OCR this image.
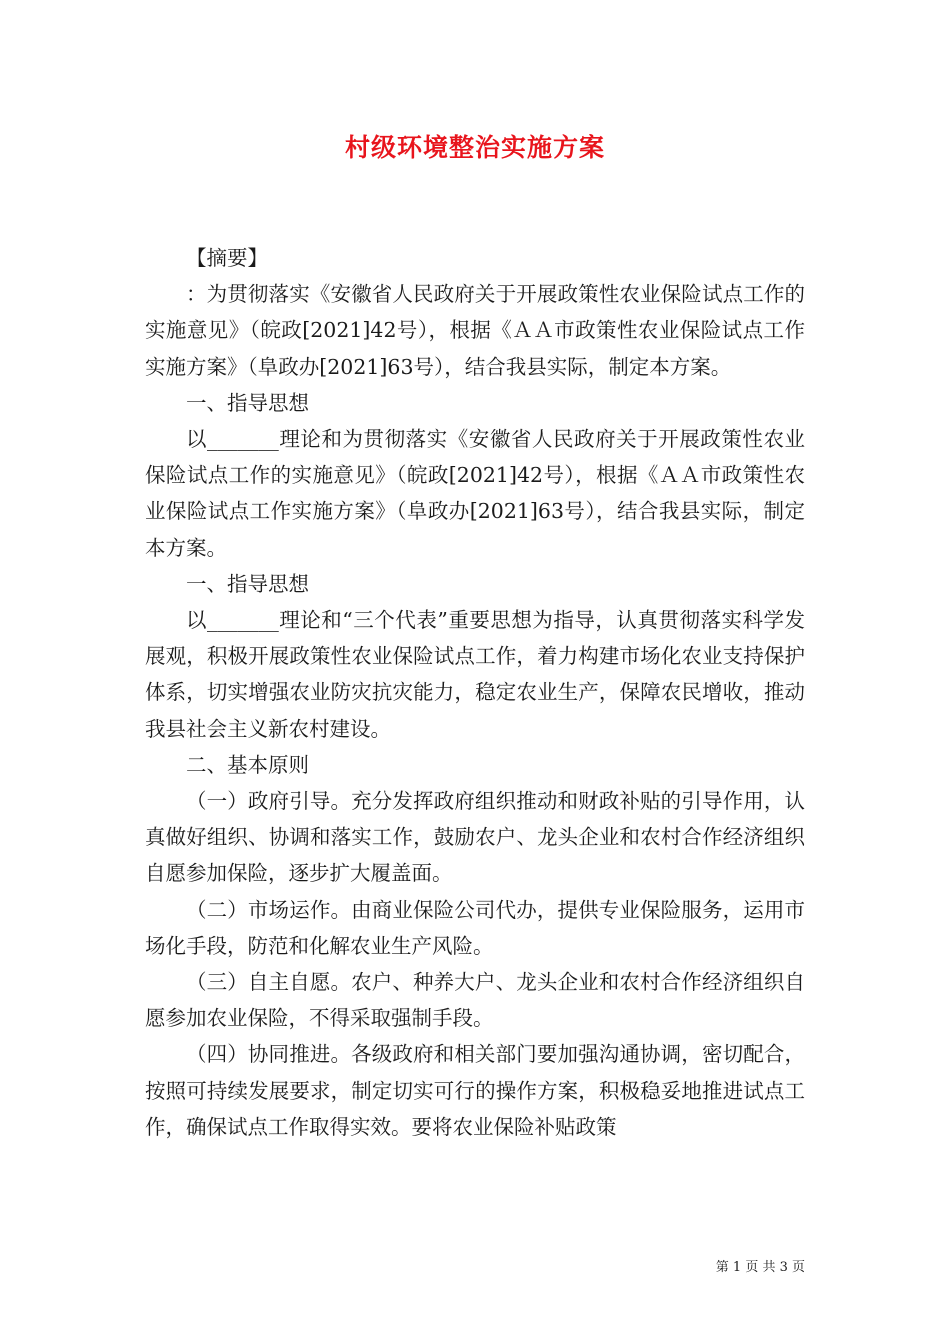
村级环境整治实施方案

【摘要】

：为贯彻落实《安徽省人民政府关于开展政策性农业保险试点工作的实施意见》（皖政[2021]42号），根据《ＡＡ市政策性农业保险试点工作实施方案》（阜政办[2021]63号），结合我县实际，制定本方案。

一、指导思想

以_______理论和为贯彻落实《安徽省人民政府关于开展政策性农业保险试点工作的实施意见》（皖政[2021]42号），根据《ＡＡ市政策性农业保险试点工作实施方案》（阜政办[2021]63号），结合我县实际，制定本方案。

一、指导思想

以_______理论和“三个代表”重要思想为指导，认真贯彻落实科学发展观，积极开展政策性农业保险试点工作，着力构建市场化农业支持保护体系，切实增强农业防灾抗灾能力，稳定农业生产，保障农民增收，推动我县社会主义新农村建设。

二、基本原则

（一）政府引导。充分发挥政府组织推动和财政补贴的引导作用，认真做好组织、协调和落实工作，鼓励农户、龙头企业和农村合作经济组织自愿参加保险，逐步扩大履盖面。

（二）市场运作。由商业保险公司代办，提供专业保险服务，运用市场化手段，防范和化解农业生产风险。

（三）自主自愿。农户、种养大户、龙头企业和农村合作经济组织自愿参加农业保险，不得采取强制手段。

（四）协同推进。各级政府和相关部门要加强沟通协调，密切配合，按照可持续发展要求，制定切实可行的操作方案，积极稳妥地推进试点工作，确保试点工作取得实效。要将农业保险补贴政策

第 1 页 共 3 页
